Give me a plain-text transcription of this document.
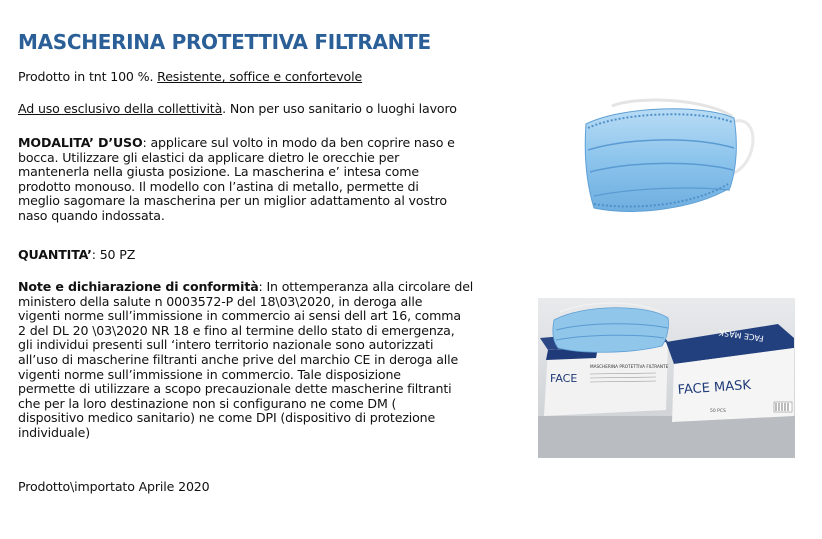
MASCHERINA PROTETTIVA FILTRANTE

Prodotto in tnt 100 %. Resistente, soffice e confortevole

Ad uso esclusivo della collettività. Non per uso sanitario o luoghi lavoro

MODALITA’ D’USO: applicare sul volto in modo da ben coprire naso e
bocca. Utilizzare gli elastici da applicare dietro le orecchie per
mantenerla nella giusta posizione. La mascherina e’ intesa come
prodotto monouso. Il modello con l’astina di metallo, permette di
meglio sagomare la mascherina per un miglior adattamento al vostro
naso quando indossata.

QUANTITA’: 50 PZ

Note e dichiarazione di conformità: In ottemperanza alla circolare del
ministero della salute n 0003572-P del 18\03\2020, in deroga alle
vigenti norme sull’immissione in commercio ai sensi dell art 16, comma
2 del DL 20 \03\2020 NR 18 e fino al termine dello stato di emergenza,
gli individui presenti sull ‘intero territorio nazionale sono autorizzati
all’uso di mascherine filtranti anche prive del marchio CE in deroga alle
vigenti norme sull’immissione in commercio. Tale disposizione
permette di utilizzare a scopo precauzionale dette mascherine filtranti
che per la loro destinazione non si configurano ne come DM (
dispositivo medico sanitario) ne come DPI (dispositivo di protezione
individuale)

Prodotto\importato Aprile 2020

FACE
MASCHERINA PROTETTIVA FILTRANTE
FACE MASK
FACE MASK
50 PCS
